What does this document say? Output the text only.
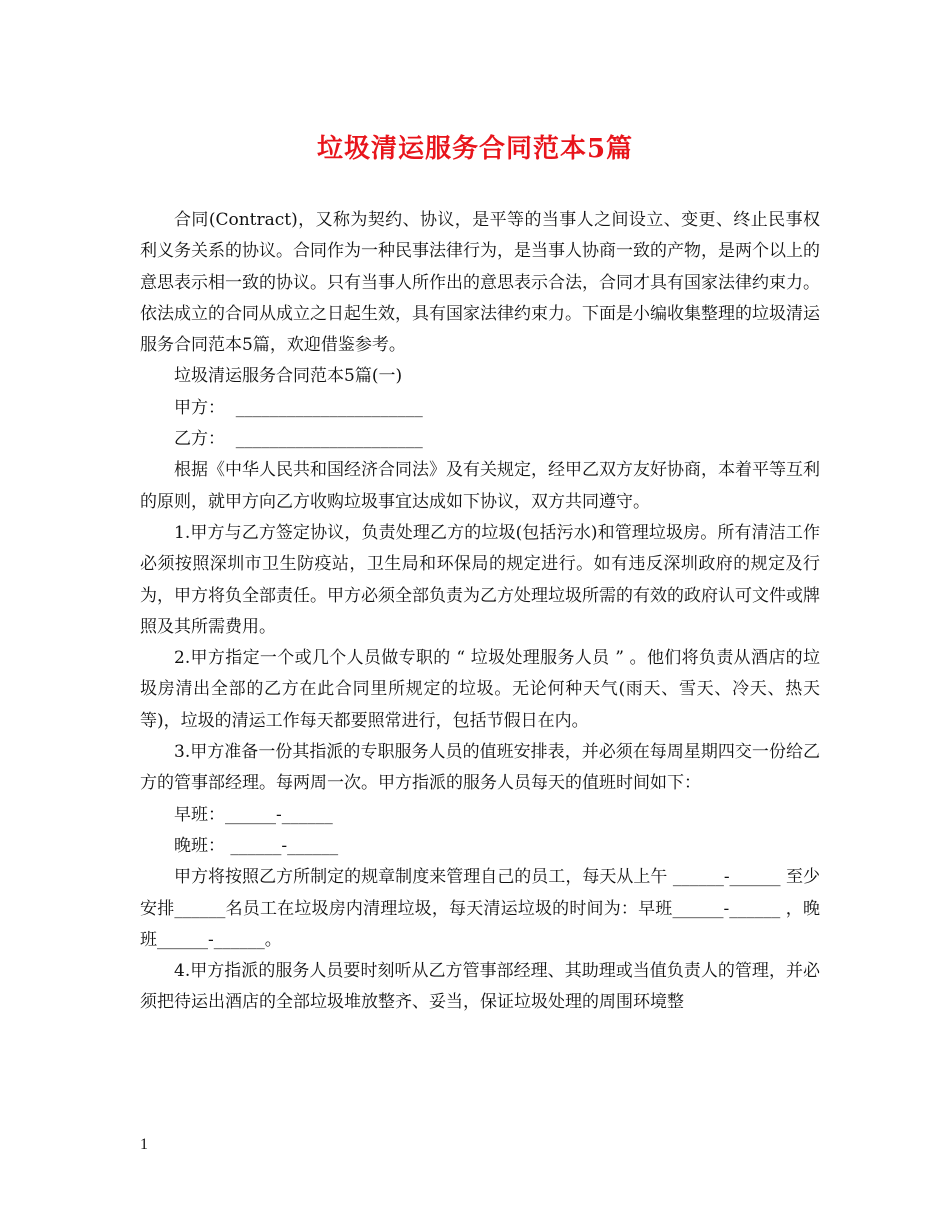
垃圾清运服务合同范本5篇

合同(Contract)，又称为契约、协议，是平等的当事人之间设立、变更、终止民事权利义务关系的协议。合同作为一种民事法律行为，是当事人协商一致的产物，是两个以上的意思表示相一致的协议。只有当事人所作出的意思表示合法，合同才具有国家法律约束力。依法成立的合同从成立之日起生效，具有国家法律约束力。下面是小编收集整理的垃圾清运服务合同范本5篇，欢迎借鉴参考。

垃圾清运服务合同范本5篇(一)

甲方：  ______________________

乙方：  ______________________

根据《中华人民共和国经济合同法》及有关规定，经甲乙双方友好协商，本着平等互利的原则，就甲方向乙方收购垃圾事宜达成如下协议，双方共同遵守。

1.甲方与乙方签定协议，负责处理乙方的垃圾(包括污水)和管理垃圾房。所有清洁工作必须按照深圳市卫生防疫站，卫生局和环保局的规定进行。如有违反深圳政府的规定及行为，甲方将负全部责任。甲方必须全部负责为乙方处理垃圾所需的有效的政府认可文件或牌照及其所需费用。

2.甲方指定一个或几个人员做专职的 “ 垃圾处理服务人员 ” 。他们将负责从酒店的垃圾房清出全部的乙方在此合同里所规定的垃圾。无论何种天气(雨天、雪天、冷天、热天等)，垃圾的清运工作每天都要照常进行，包括节假日在内。

3.甲方准备一份其指派的专职服务人员的值班安排表，并必须在每周星期四交一份给乙方的管事部经理。每两周一次。甲方指派的服务人员每天的值班时间如下：

早班：______-______

晚班： ______-______

甲方将按照乙方所制定的规章制度来管理自己的员工，每天从上午 ______-______ 至少安排______名员工在垃圾房内清理垃圾，每天清运垃圾的时间为：早班______-______ ，晚班______-______。

4.甲方指派的服务人员要时刻听从乙方管事部经理、其助理或当值负责人的管理，并必须把待运出酒店的全部垃圾堆放整齐、妥当，保证垃圾处理的周围环境整

1
